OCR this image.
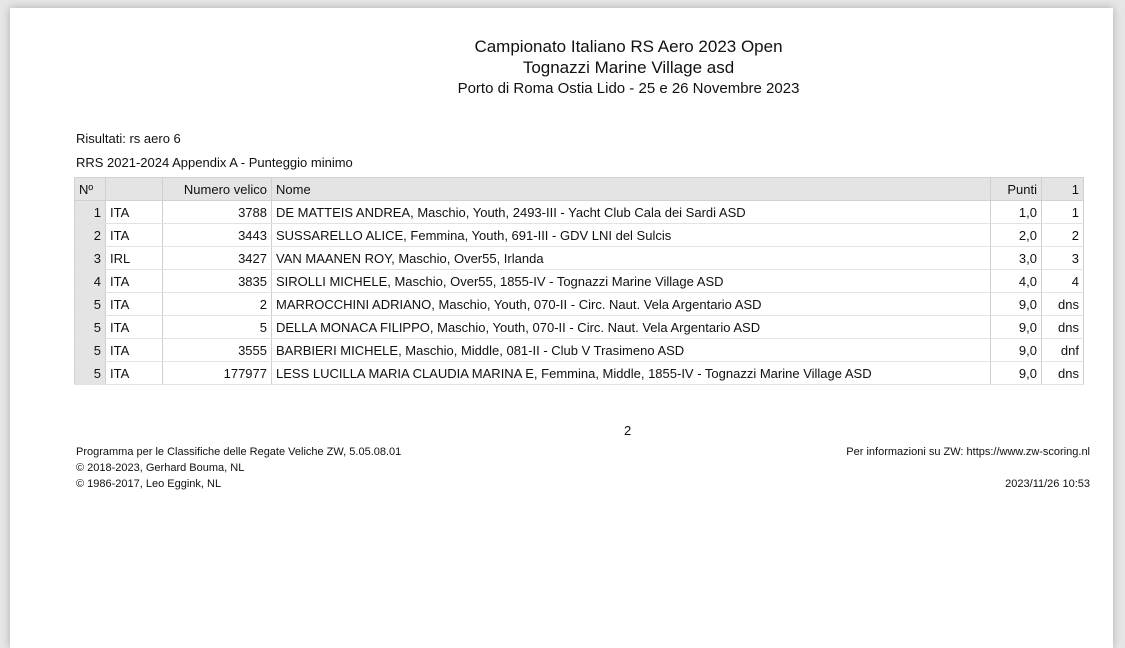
Campionato Italiano RS Aero 2023 Open
Tognazzi Marine Village asd
Porto di Roma Ostia Lido - 25 e 26 Novembre 2023
Risultati: rs aero 6
RRS 2021-2024 Appendix A - Punteggio minimo
Nº		Numero velico	Nome	Punti	1
1	ITA	3788	DE MATTEIS ANDREA, Maschio, Youth, 2493-III - Yacht Club Cala dei Sardi ASD	1,0	1
2	ITA	3443	SUSSARELLO ALICE, Femmina, Youth, 691-III - GDV LNI del Sulcis	2,0	2
3	IRL	3427	VAN MAANEN ROY, Maschio, Over55, Irlanda	3,0	3
4	ITA	3835	SIROLLI MICHELE, Maschio, Over55, 1855-IV - Tognazzi Marine Village ASD	4,0	4
5	ITA	2	MARROCCHINI ADRIANO, Maschio, Youth, 070-II - Circ. Naut. Vela Argentario ASD	9,0	dns
5	ITA	5	DELLA MONACA FILIPPO, Maschio, Youth, 070-II - Circ. Naut. Vela Argentario ASD	9,0	dns
5	ITA	3555	BARBIERI MICHELE, Maschio, Middle, 081-II - Club V Trasimeno ASD	9,0	dnf
5	ITA	177977	LESS LUCILLA MARIA CLAUDIA MARINA E, Femmina, Middle, 1855-IV - Tognazzi Marine Village ASD	9,0	dns
2
Programma per le Classifiche delle Regate Veliche ZW, 5.05.08.01
© 2018-2023, Gerhard Bouma, NL
© 1986-2017, Leo Eggink, NL
Per informazioni su ZW: https://www.zw-scoring.nl
2023/11/26 10:53
